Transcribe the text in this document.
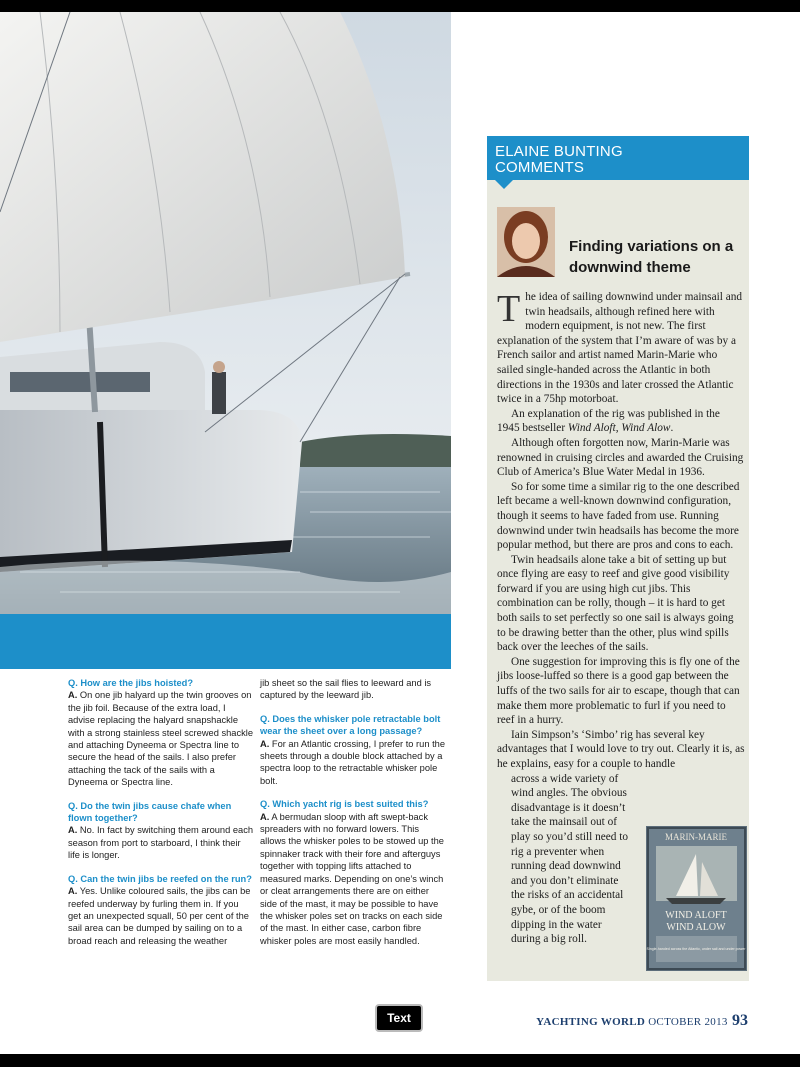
Q. How are the jibs hoisted?
A. On one jib halyard up the twin grooves on the jib foil. Because of the extra load, I advise replacing the halyard snapshackle with a strong stainless steel screwed shackle and attaching Dyneema or Spectra line to secure the head of the sails. I also prefer attaching the tack of the sails with a Dyneema or Spectra line.
Q. Do the twin jibs cause chafe when flown together?
A. No. In fact by switching them around each season from port to starboard, I think their life is longer.
Q. Can the twin jibs be reefed on the run?
A. Yes. Unlike coloured sails, the jibs can be reefed underway by furling them in. If you get an unexpected squall, 50 per cent of the sail area can be dumped by sailing on to a broad reach and releasing the weather
jib sheet so the sail flies to leeward and is captured by the leeward jib.
Q. Does the whisker pole retractable bolt wear the sheet over a long passage?
A. For an Atlantic crossing, I prefer to run the sheets through a double block attached by a spectra loop to the retractable whisker pole bolt.
Q. Which yacht rig is best suited this?
A. A bermudan sloop with aft swept-back spreaders with no forward lowers. This allows the whisker poles to be stowed up the spinnaker track with their fore and afterguys together with topping lifts attached to measured marks. Depending on one’s winch or cleat arrangements there are on either side of the mast, it may be possible to have the whisker poles set on tracks on each side of the mast. In either case, carbon fibre whisker poles are most easily handled.
ELAINE BUNTING
COMMENTS
Finding variations on a downwind theme

The idea of sailing downwind under mainsail and twin headsails, although refined here with modern equipment, is not new. The first explanation of the system that I’m aware of was by a French sailor and artist named Marin-Marie who sailed single-handed across the Atlantic in both directions in the 1930s and later crossed the Atlantic twice in a 75hp motorboat.

An explanation of the rig was published in the 1945 bestseller Wind Aloft, Wind Alow.

Although often forgotten now, Marin-Marie was renowned in cruising circles and awarded the Cruising Club of America’s Blue Water Medal in 1936.

So for some time a similar rig to the one described left became a well-known downwind configuration, though it seems to have faded from use. Running downwind under twin headsails has become the more popular method, but there are pros and cons to each.

Twin headsails alone take a bit of setting up but once flying are easy to reef and give good visibility forward if you are using high cut jibs. This combination can be rolly, though – it is hard to get both sails to set perfectly so one sail is always going to be drawing better than the other, plus wind spills back over the leeches of the sails.

One suggestion for improving this is fly one of the jibs loose-luffed so there is a good gap between the luffs of the two sails for air to escape, though that can make them more problematic to furl if you need to reef in a hurry.

Iain Simpson’s ‘Simbo’ rig has several key advantages that I would love to try out. Clearly it is, as he explains, easy for a couple to handle

across a wide variety of

wind angles. The obvious

disadvantage is it doesn’t

take the mainsail out of

play so you’d still need to

rig a preventer when

running dead downwind

and you don’t eliminate

the risks of an accidental

gybe, or of the boom

dipping in the water

during a big roll.

MARIN-MARIE
WIND ALOFT
WIND ALOW
Single-handed across the Atlantic, under sail and under power
Text	YACHTING WORLD OCTOBER 2013 93
